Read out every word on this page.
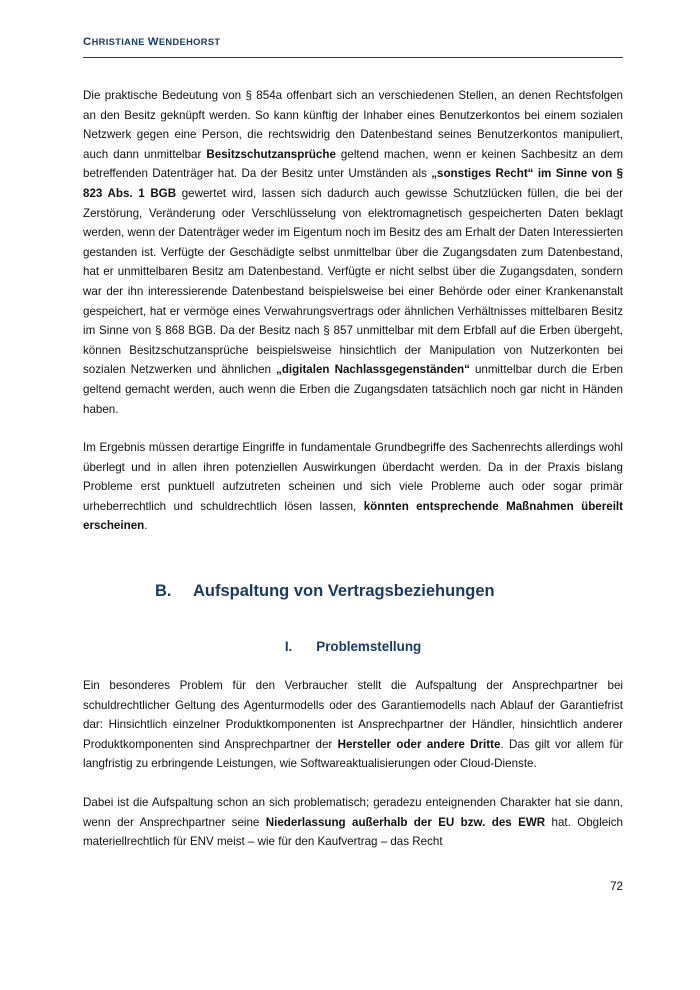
CHRISTIANE WENDEHORST

Die praktische Bedeutung von § 854a offenbart sich an verschiedenen Stellen, an denen Rechtsfolgen an den Besitz geknüpft werden. So kann künftig der Inhaber eines Benutzerkontos bei einem sozialen Netzwerk gegen eine Person, die rechtswidrig den Datenbestand seines Benutzerkontos manipuliert, auch dann unmittelbar Besitzschutzansprüche geltend machen, wenn er keinen Sachbesitz an dem betreffenden Datenträger hat. Da der Besitz unter Umständen als „sonstiges Recht“ im Sinne von § 823 Abs. 1 BGB gewertet wird, lassen sich dadurch auch gewisse Schutzlücken füllen, die bei der Zerstörung, Veränderung oder Verschlüsselung von elektromagnetisch gespeicherten Daten beklagt werden, wenn der Datenträger weder im Eigentum noch im Besitz des am Erhalt der Daten Interessierten gestanden ist. Verfügte der Geschädigte selbst unmittelbar über die Zugangsdaten zum Datenbestand, hat er unmittelbaren Besitz am Datenbestand. Verfügte er nicht selbst über die Zugangsdaten, sondern war der ihn interessierende Datenbestand beispielsweise bei einer Behörde oder einer Krankenanstalt gespeichert, hat er vermöge eines Verwahrungsvertrags oder ähnlichen Verhältnisses mittelbaren Besitz im Sinne von § 868 BGB. Da der Besitz nach § 857 unmittelbar mit dem Erbfall auf die Erben übergeht, können Besitzschutzansprüche beispielsweise hinsichtlich der Manipulation von Nutzerkonten bei sozialen Netzwerken und ähnlichen „digitalen Nachlassgegenständen“ unmittelbar durch die Erben geltend gemacht werden, auch wenn die Erben die Zugangsdaten tatsächlich noch gar nicht in Händen haben.

Im Ergebnis müssen derartige Eingriffe in fundamentale Grundbegriffe des Sachenrechts allerdings wohl überlegt und in allen ihren potenziellen Auswirkungen überdacht werden. Da in der Praxis bislang Probleme erst punktuell aufzutreten scheinen und sich viele Probleme auch oder sogar primär urheberrechtlich und schuldrechtlich lösen lassen, könnten entsprechende Maßnahmen übereilt erscheinen.

B. Aufspaltung von Vertragsbeziehungen
I. Problemstellung

Ein besonderes Problem für den Verbraucher stellt die Aufspaltung der Ansprechpartner bei schuldrechtlicher Geltung des Agenturmodells oder des Garantiemodells nach Ablauf der Garantiefrist dar: Hinsichtlich einzelner Produktkomponenten ist Ansprechpartner der Händler, hinsichtlich anderer Produktkomponenten sind Ansprechpartner der Hersteller oder andere Dritte. Das gilt vor allem für langfristig zu erbringende Leistungen, wie Softwareaktualisierungen oder Cloud-Dienste.

Dabei ist die Aufspaltung schon an sich problematisch; geradezu enteignenden Charakter hat sie dann, wenn der Ansprechpartner seine Niederlassung außerhalb der EU bzw. des EWR hat. Obgleich materiellrechtlich für ENV meist – wie für den Kaufvertrag – das Recht

72
